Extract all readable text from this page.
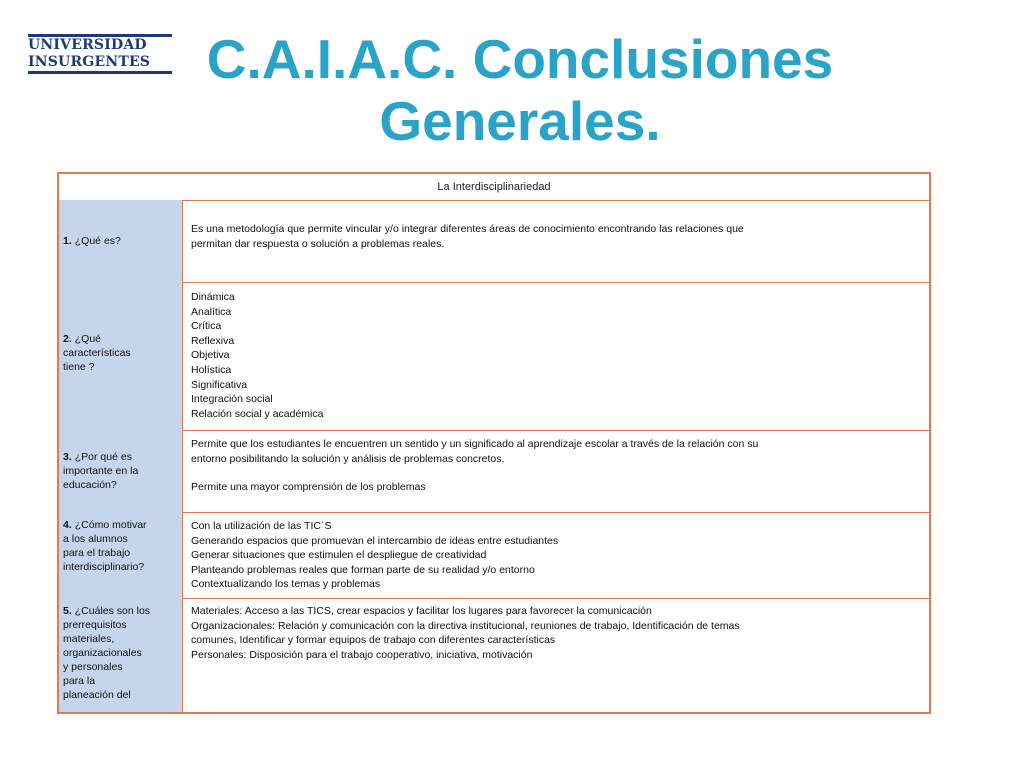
UNIVERSIDAD
INSURGENTES	C.A.I.A.C. Conclusiones
Generales.
La Interdisciplinariedad
1. ¿Qué es?
Es una metodología que permite vincular y/o integrar diferentes áreas de conocimiento encontrando las relaciones que
permitan dar respuesta o solución a problemas reales.
2. ¿Qué
características
tiene ?
Dinámica
Analítica
Crítica
Reflexiva
Objetiva
Holística
Significativa
Integración social
Relación social y académica
3. ¿Por qué es
importante en la
educación?
Permite que los estudiantes le encuentren un sentido y un significado al aprendizaje escolar a través de la relación con su
entorno posibilitando la solución y análisis de problemas concretos.
Permite una mayor comprensión de los problemas
4. ¿Cómo motivar
a los alumnos
para el trabajo
interdisciplinario?
Con la utilización de las TIC´S
Generando espacios que promuevan el intercambio de ideas entre estudiantes
Generar situaciones que estimulen el despliegue de creatividad
Planteando problemas reales que forman parte de su realidad y/o entorno
Contextualizando los temas y problemas
5. ¿Cuáles son los
prerrequisitos
materiales,
organizacionales
y personales
para la
planeación del
Materiales: Acceso a las TICS, crear espacios y facilitar los lugares para favorecer la comunicación
Organizacionales: Relación y comunicación con la directiva institucional, reuniones de trabajo, Identificación de temas
comunes, Identificar y formar equipos de trabajo con diferentes características
Personales: Disposición para el trabajo cooperativo, iniciativa, motivación
